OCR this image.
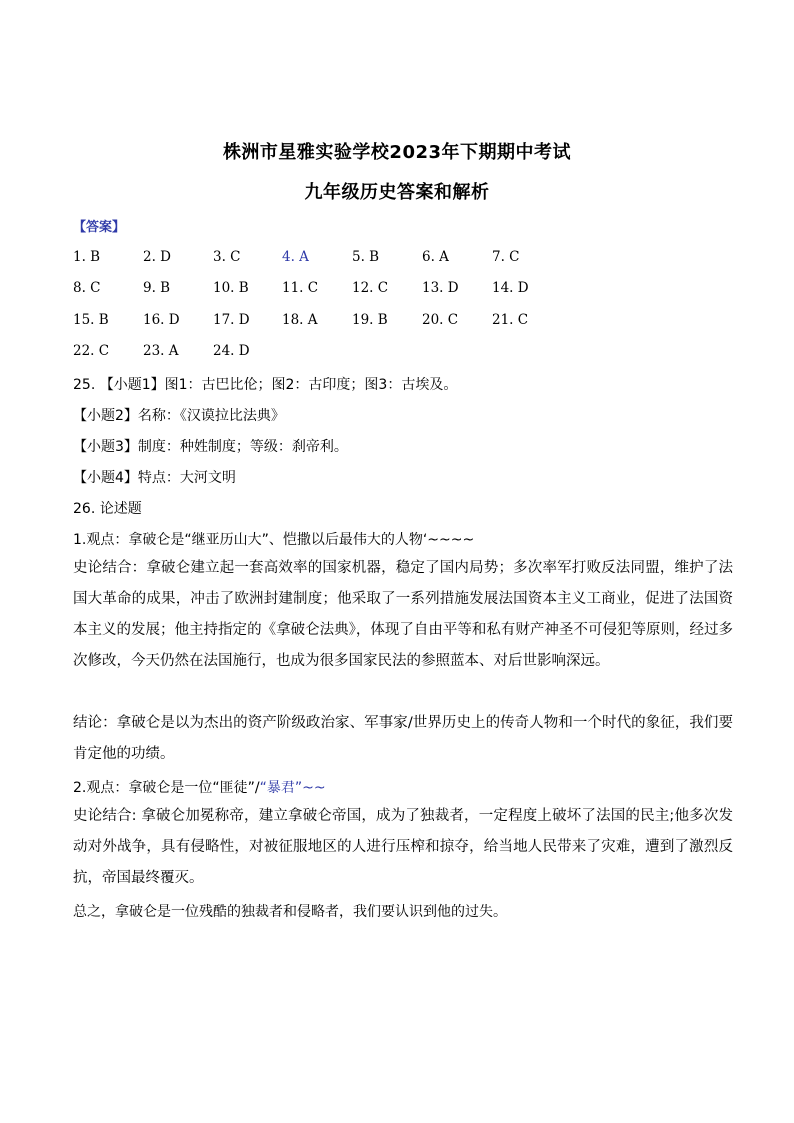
株洲市星雅实验学校2023年下期期中考试
九年级历史答案和解析
【答案】
1. B	2. D	3. C	4. A	5. B	6. A	7. C
8. C	9. B	10. B 11. C	12. C	13. D 14. D
15. B	16. D 17. D 18. A	19. B	20. C	21. C
22. C	23. A	24. D
25. 【小题1】图1：古巴比伦；图2：古印度；图3：古埃及。
【小题2】名称：《汉谟拉比法典》
【小题3】制度：种姓制度；等级：刹帝利。
【小题4】特点：大河文明
26. 论述题
1.观点：拿破仑是“继亚历山大”、恺撒以后最伟大的人物‘~~~~
史论结合：拿破仑建立起一套高效率的国家机器，稳定了国内局势；多次率军打败反法同盟，维护了法国大革命的成果，冲击了欧洲封建制度；他采取了一系列措施发展法国资本主义工商业，促进了法国资本主义的发展；他主持指定的《拿破仑法典》，体现了自由平等和私有财产神圣不可侵犯等原则，经过多次修改，今天仍然在法国施行，也成为很多国家民法的参照蓝本、对后世影响深远。
结论：拿破仑是以为杰出的资产阶级政治家、军事家/世界历史上的传奇人物和一个时代的象征，我们要肯定他的功绩。
2.观点：拿破仑是一位“匪徒”/“暴君”~~
史论结合: 拿破仑加冕称帝，建立拿破仑帝国，成为了独裁者，一定程度上破坏了法国的民主;他多次发动对外战争，具有侵略性，对被征服地区的人进行压榨和掠夺，给当地人民带来了灾难，遭到了激烈反抗，帝国最终覆灭。
总之，拿破仑是一位残酷的独裁者和侵略者，我们要认识到他的过失。
